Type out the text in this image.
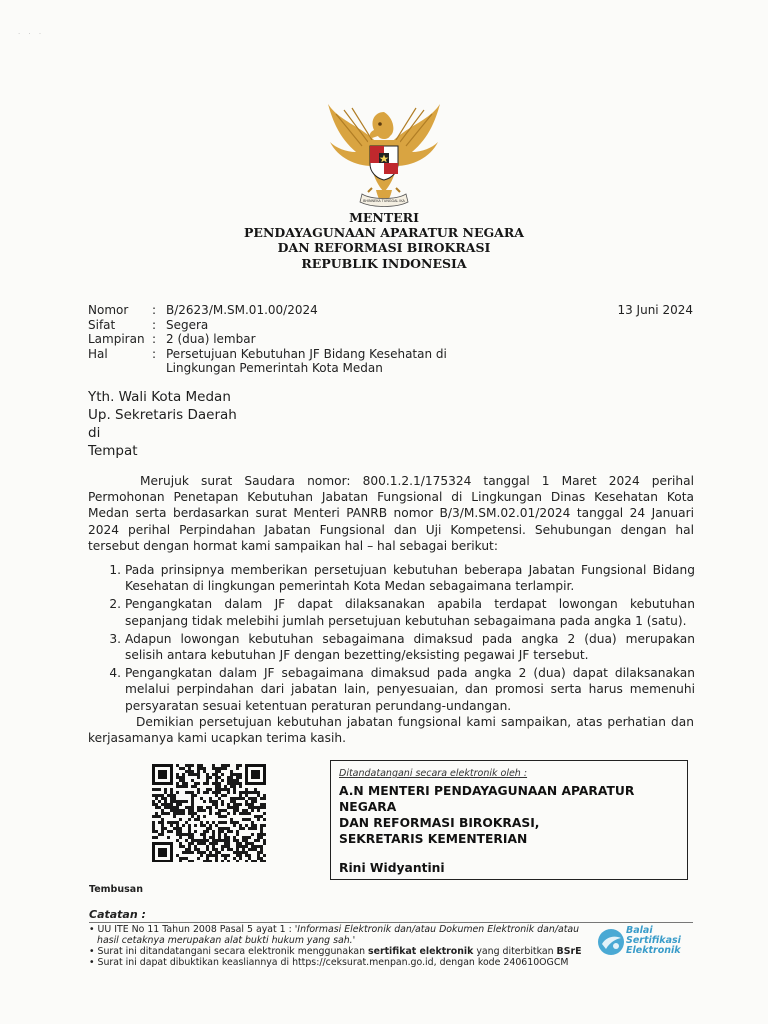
· · ·
BHINNEKA TUNGGAL IKA
MENTERI
PENDAYAGUNAAN APARATUR NEGARA
DAN REFORMASI BIROKRASI
REPUBLIK INDONESIA
Nomor : B/2623/M.SM.01.00/2024
Sifat	: Segera
Lampiran : 2 (dua) lembar
Hal	: Persetujuan Kebutuhan JF Bidang Kesehatan di
Lingkungan Pemerintah Kota Medan
13 Juni 2024
Yth. Wali Kota Medan
Up. Sekretaris Daerah
di
Tempat
Merujuk surat Saudara nomor: 800.1.2.1/175324 tanggal 1 Maret 2024 perihal
Permohonan Penetapan Kebutuhan Jabatan Fungsional di Lingkungan Dinas Kesehatan Kota
Medan serta berdasarkan surat Menteri PANRB nomor B/3/M.SM.02.01/2024 tanggal 24 Januari
2024 perihal Perpindahan Jabatan Fungsional dan Uji Kompetensi. Sehubungan dengan hal
tersebut dengan hormat kami sampaikan hal – hal sebagai berikut:
1. Pada prinsipnya memberikan persetujuan kebutuhan beberapa Jabatan Fungsional Bidang
Kesehatan di lingkungan pemerintah Kota Medan sebagaimana terlampir.
2. Pengangkatan dalam JF dapat dilaksanakan apabila terdapat lowongan kebutuhan
sepanjang tidak melebihi jumlah persetujuan kebutuhan sebagaimana pada angka 1 (satu).
3. Adapun lowongan kebutuhan sebagaimana dimaksud pada angka 2 (dua) merupakan
selisih antara kebutuhan JF dengan bezetting/eksisting pegawai JF tersebut.
4. Pengangkatan dalam JF sebagaimana dimaksud pada angka 2 (dua) dapat dilaksanakan
melalui perpindahan dari jabatan lain, penyesuaian, dan promosi serta harus memenuhi
persyaratan sesuai ketentuan peraturan perundang-undangan.
Demikian persetujuan kebutuhan jabatan fungsional kami sampaikan, atas perhatian dan
kerjasamanya kami ucapkan terima kasih.
Ditandatangani secara elektronik oleh :
A.N MENTERI PENDAYAGUNAAN APARATUR
NEGARA
DAN REFORMASI BIROKRASI,
SEKRETARIS KEMENTERIAN
Rini Widyantini
Tembusan
Catatan :
• UU ITE No 11 Tahun 2008 Pasal 5 ayat 1 : 'Informasi Elektronik dan/atau Dokumen Elektronik dan/atau
hasil cetaknya merupakan alat bukti hukum yang sah.'
• Surat ini ditandatangani secara elektronik menggunakan sertifikat elektronik yang diterbitkan BSrE
• Surat ini dapat dibuktikan keasliannya di https://ceksurat.menpan.go.id, dengan kode 240610OGCM
Balai
Sertifikasi
Elektronik
